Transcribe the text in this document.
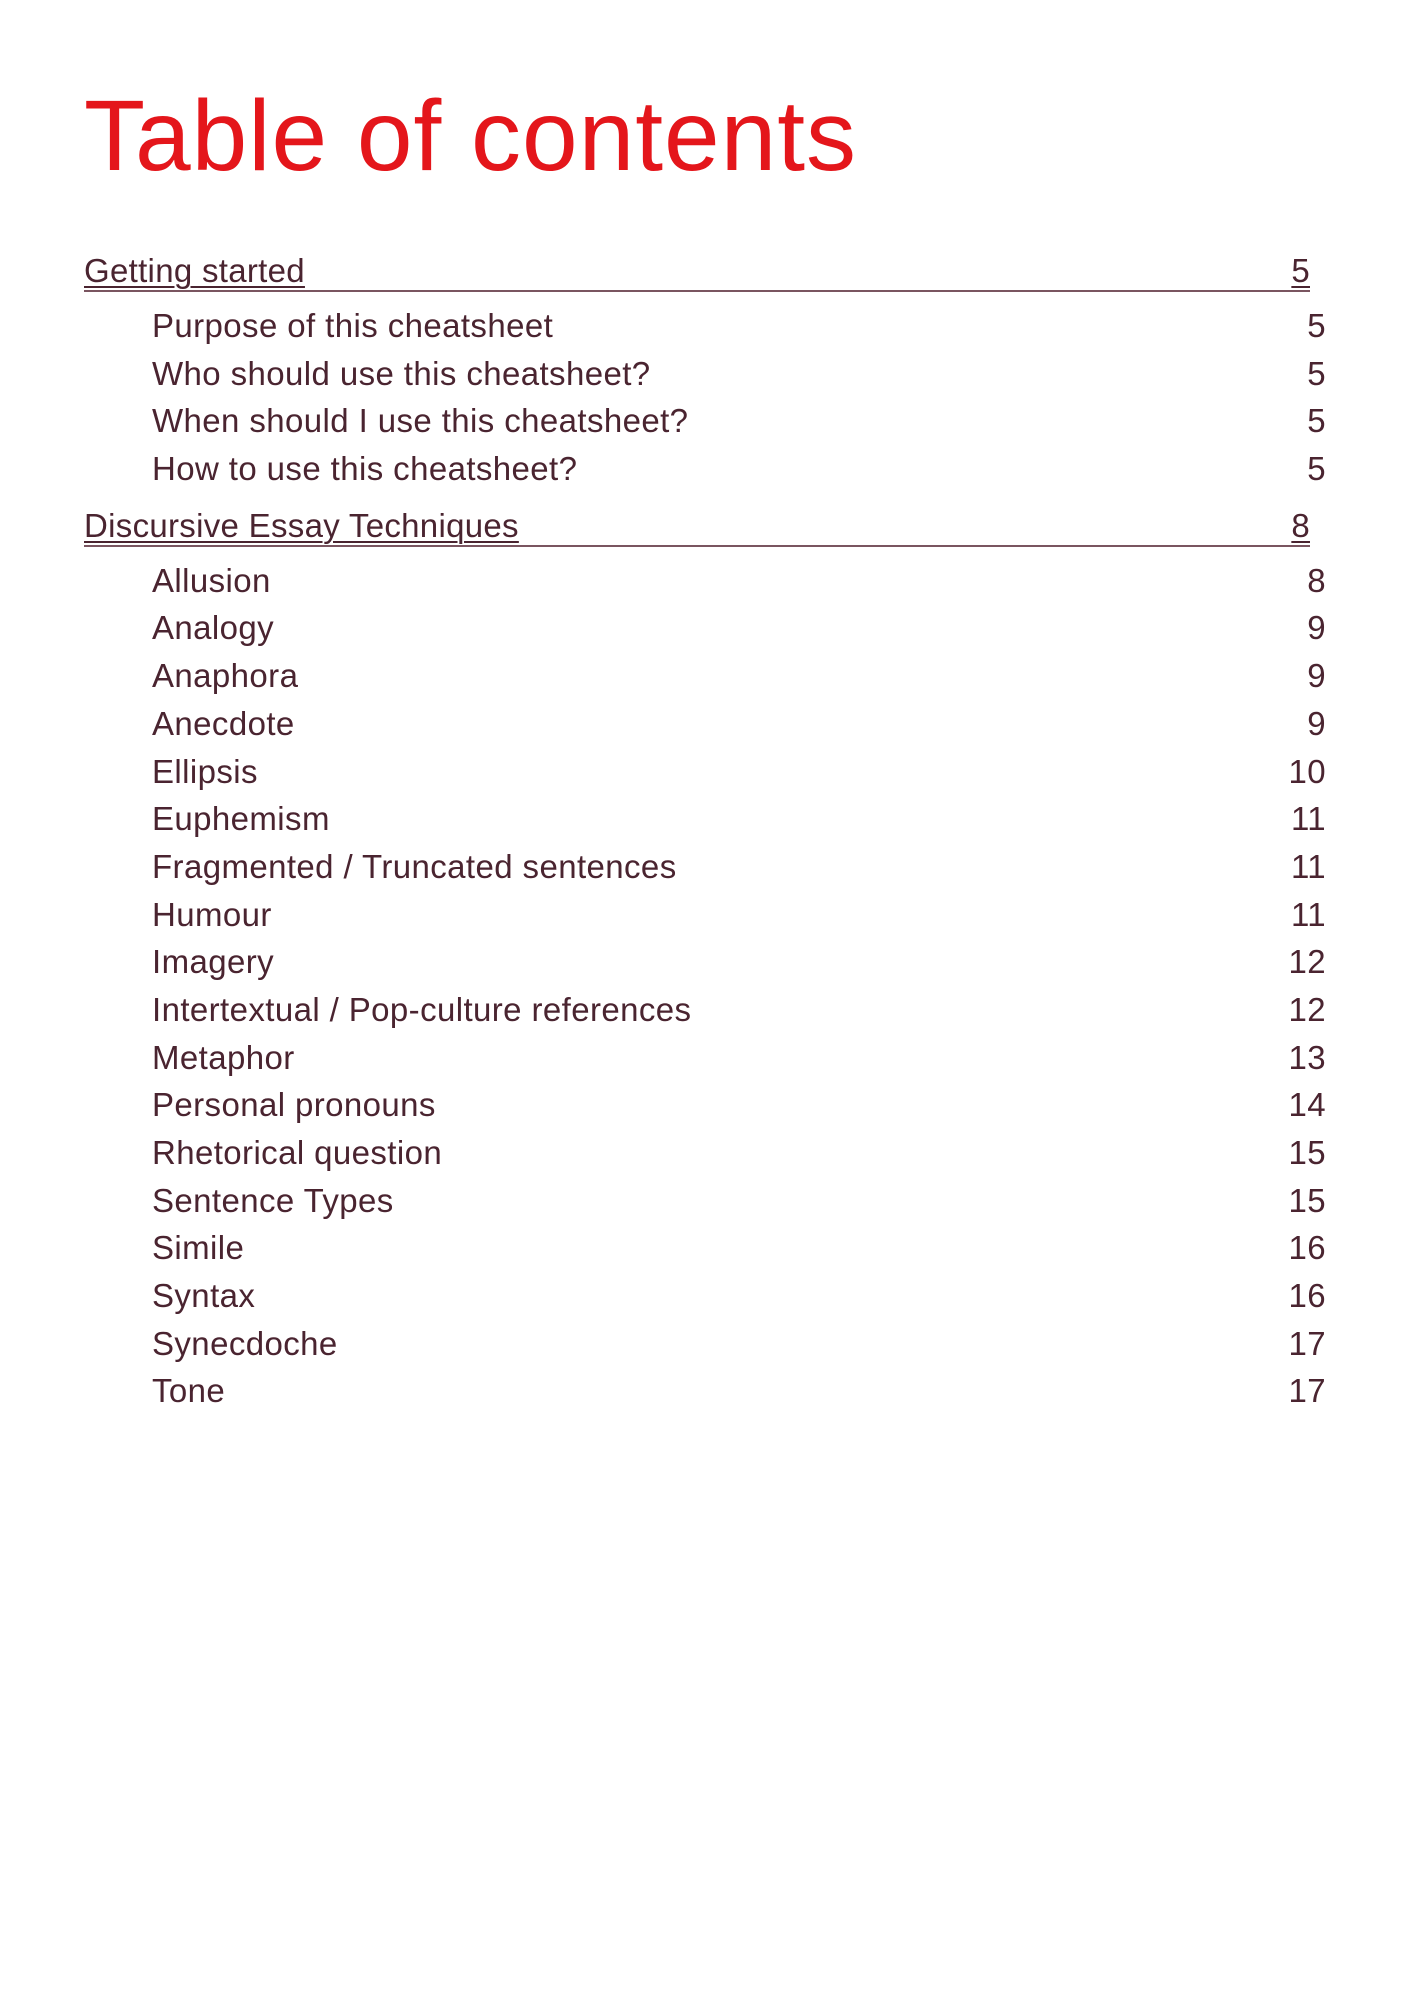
Table of contents
Getting started	5
Purpose of this cheatsheet	5
Who should use this cheatsheet?	5
When should I use this cheatsheet?	5
How to use this cheatsheet?	5
Discursive Essay Techniques	8
Allusion	8
Analogy	9
Anaphora	9
Anecdote	9
Ellipsis	10
Euphemism	11
Fragmented / Truncated sentences	11
Humour	11
Imagery	12
Intertextual / Pop-culture references	12
Metaphor	13
Personal pronouns	14
Rhetorical question	15
Sentence Types	15
Simile	16
Syntax	16
Synecdoche	17
Tone	17
